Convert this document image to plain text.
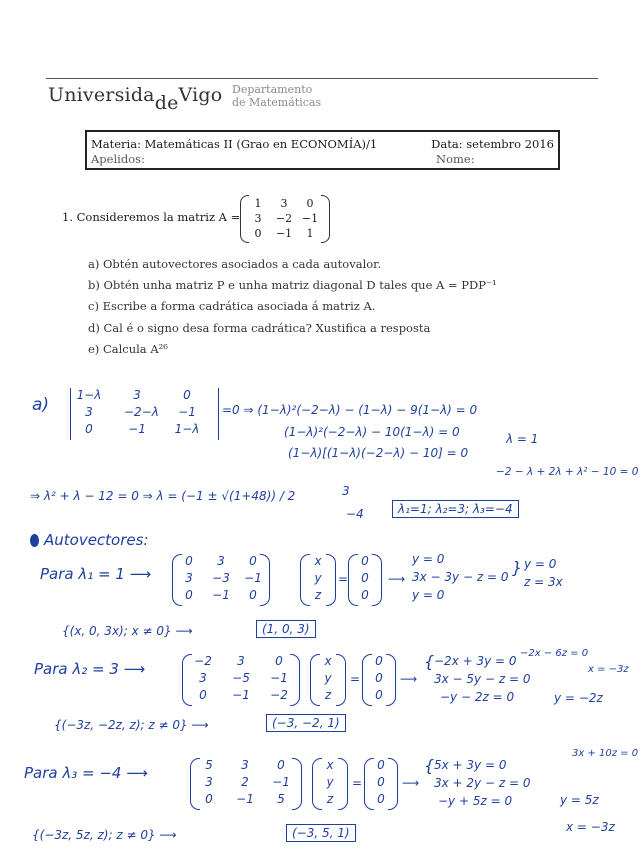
UniversidadeVigo Departamento
de Matemáticas
Materia: Matemáticas II (Grao en ECONOMÍA)/1	Data: setembro 2016
Apelidos:	Nome:
1. Consideremos la matriz A =
1	3	0
3	−2 −1
0	−1	1
a) Obtén autovectores asociados a cada autovalor.
b) Obtén unha matriz P e unha matriz diagonal D tales que A = PDP⁻¹
c) Escribe a forma cadrática asociada á matriz A.
d) Cal é o signo desa forma cadrática? Xustifica a resposta
e) Calcula A²⁶
a) 1−λ	3	0
3	−2−λ	−1
0	−1	1−λ
=0 ⇒ (1−λ)²(−2−λ) − (1−λ) − 9(1−λ) = 0
(1−λ)²(−2−λ) − 10(1−λ) = 0
(1−λ)[(1−λ)(−2−λ) − 10] = 0
λ = 1
−2 − λ + 2λ + λ² − 10 = 0
⇒ λ² + λ − 12 = 0 ⇒ λ = (−1 ± √(1+48)) / 2	3
−4	λ₁=1; λ₂=3; λ₃=−4
Autovectores:
Para λ₁ = 1 ⟶
0	3	0
3	−3	−1
0	−1	0
x
y
z
=
0
0
0
⟶
y = 0
3x − 3y − z = 0
y = 0
} y = 0
z = 3x
{(x, 0, 3x); x ≠ 0} ⟶	(1, 0, 3)
Para λ₂ = 3 ⟶	−2	3	0
3	−5	−1
0	−1	−2
x
y
z
=
0
0
0
⟶
{ −2x + 3y = 0
3x − 5y − z = 0
−y − 2z = 0
−2x − 6z = 0
x = −3z
y = −2z
{(−3z, −2z, z); z ≠ 0} ⟶	(−3, −2, 1)
Para λ₃ = −4 ⟶	5	3	0
3	2	−1
0	−1	5
x
y
z
=
0
0
0
⟶
{ 5x + 3y = 0
3x + 2y − z = 0
−y + 5z = 0
3x + 10z = 0
y = 5z
x = −3z
{(−3z, 5z, z); z ≠ 0} ⟶	(−3, 5, 1)
